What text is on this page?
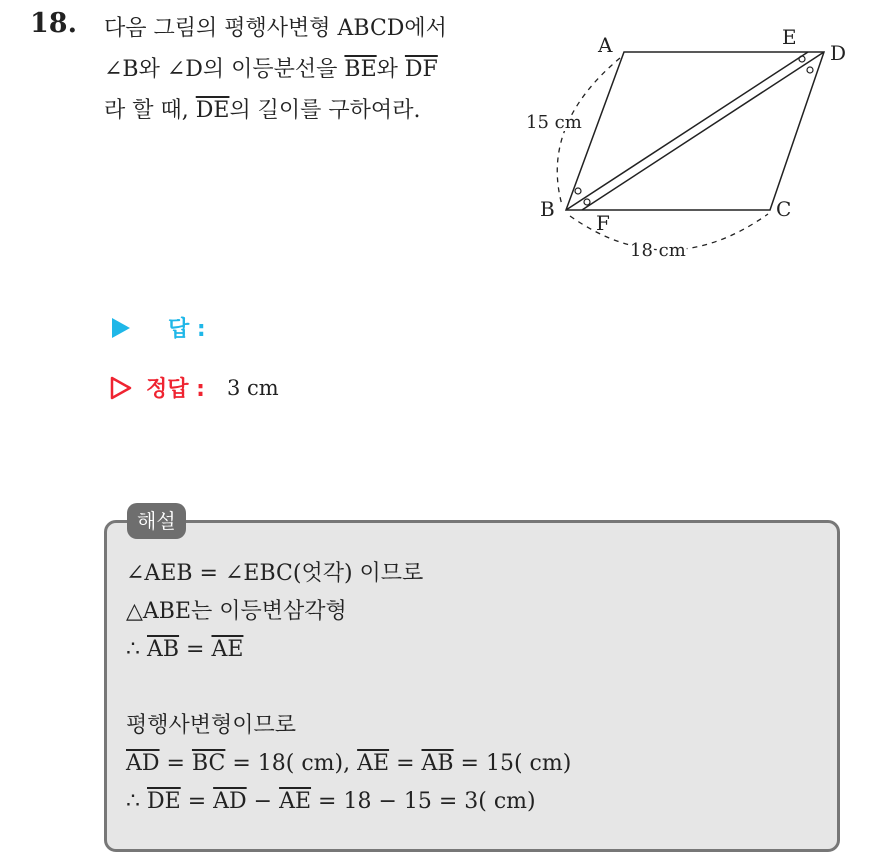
18. 다음 그림의 평행사변형 ABCD에서
∠B와 ∠D의 이등분선을 $\overline{BE}$와 $\overline{DF}$
라 할 때, $\overline{DE}$의 길이를 구하여라.
A	E
D
B
F
C
15 cm
18 cm
답 :
정답 : 3 cm
해설
∠AEB = ∠EBC(엇각) 이므로
△ABE는 이등변삼각형
∴ $\overline{AB} = \overline{AE}$
평행사변형이므로
$\overline{AD} = \overline{BC} = 18$( cm), $\overline{AE} = \overline{AB} = 15$( cm)
∴ $\overline{DE} = \overline{AD} - \overline{AE} = 18 - 15 = 3$( cm)
